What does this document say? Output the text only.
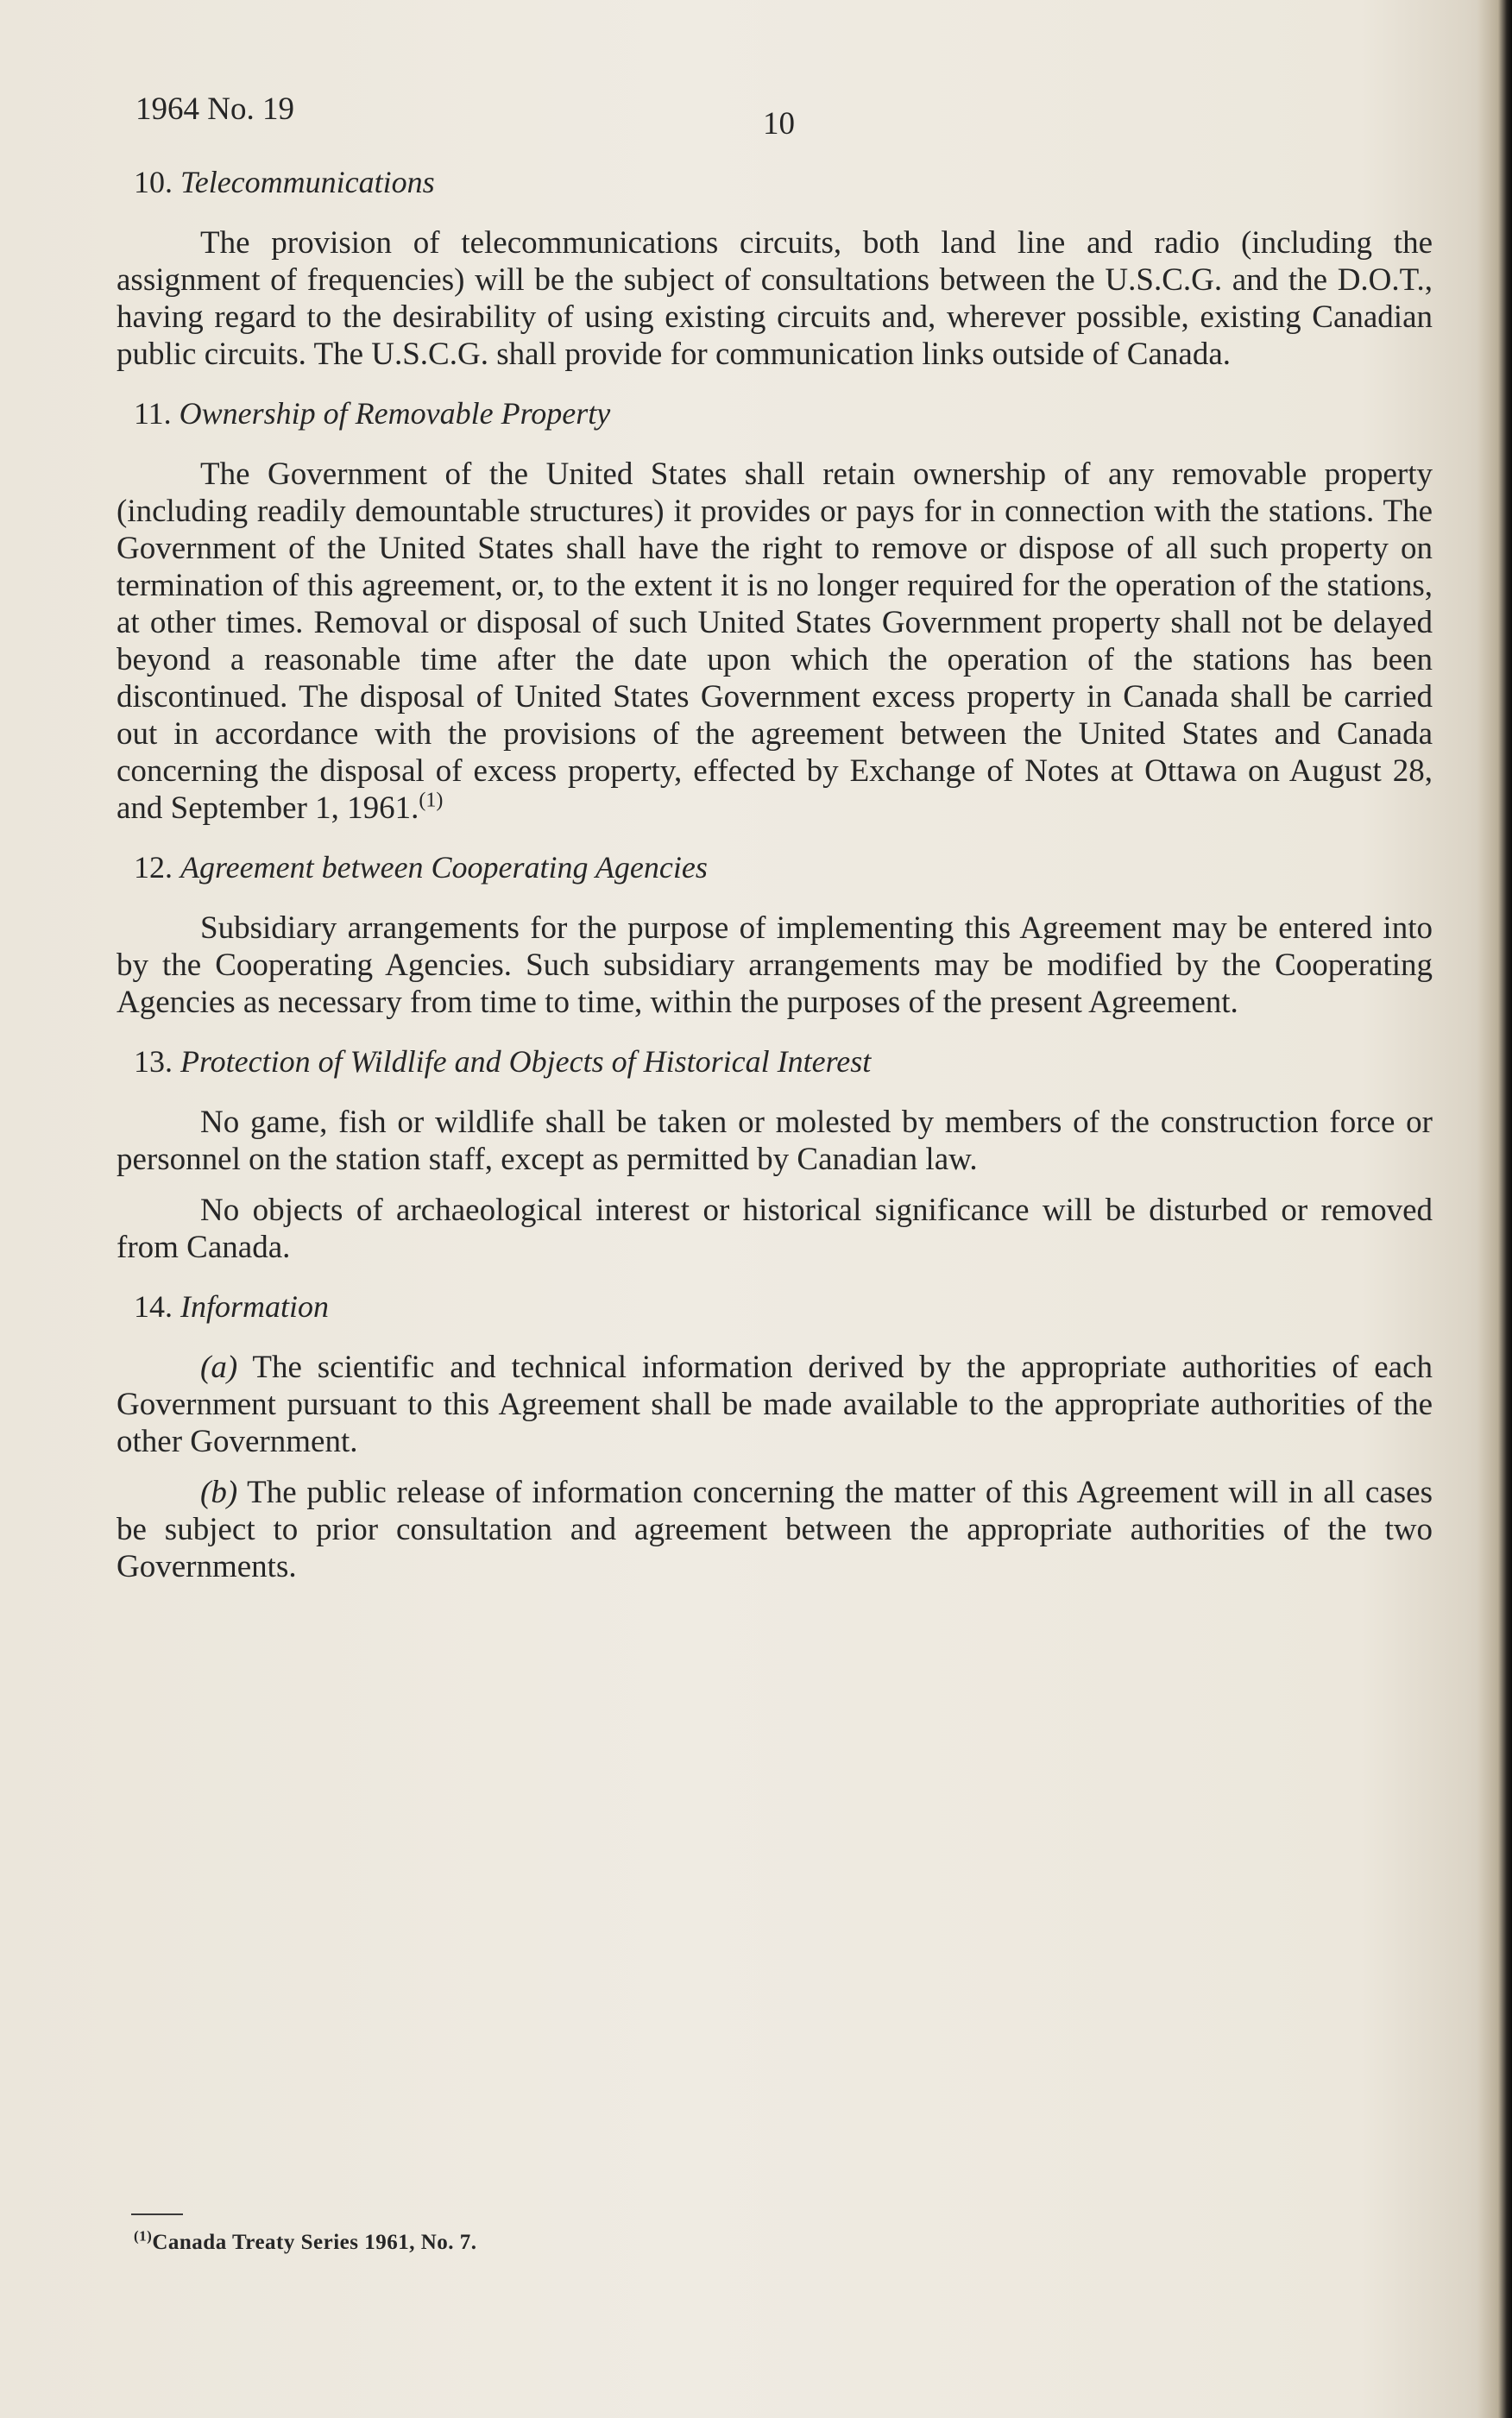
1964 No. 19	10
10. Telecommunications

The provision of telecommunications circuits, both land line and radio (including the assignment of frequencies) will be the subject of consultations between the U.S.C.G. and the D.O.T., having regard to the desirability of using existing circuits and, wherever possible, existing Canadian public circuits. The U.S.C.G. shall provide for communication links outside of Canada.

11. Ownership of Removable Property

The Government of the United States shall retain ownership of any removable property (including readily demountable structures) it provides or pays for in connection with the stations. The Government of the United States shall have the right to remove or dispose of all such property on termination of this agreement, or, to the extent it is no longer required for the operation of the stations, at other times. Removal or disposal of such United States Government property shall not be delayed beyond a reasonable time after the date upon which the operation of the stations has been discontinued. The disposal of United States Government excess property in Canada shall be carried out in accordance with the provisions of the agreement between the United States and Canada concerning the disposal of excess property, effected by Exchange of Notes at Ottawa on August 28, and September 1, 1961.$^{(1)}$

12. Agreement between Cooperating Agencies

Subsidiary arrangements for the purpose of implementing this Agreement may be entered into by the Cooperating Agencies. Such subsidiary arrangements may be modified by the Cooperating Agencies as necessary from time to time, within the purposes of the present Agreement.

13. Protection of Wildlife and Objects of Historical Interest

No game, fish or wildlife shall be taken or molested by members of the construction force or personnel on the station staff, except as permitted by Canadian law.

No objects of archaeological interest or historical significance will be disturbed or removed from Canada.

14. Information

(a) The scientific and technical information derived by the appropriate authorities of each Government pursuant to this Agreement shall be made available to the appropriate authorities of the other Government.

(b) The public release of information concerning the matter of this Agreement will in all cases be subject to prior consultation and agreement between the appropriate authorities of the two Governments.

$^{(1)}$Canada Treaty Series 1961, No. 7.
